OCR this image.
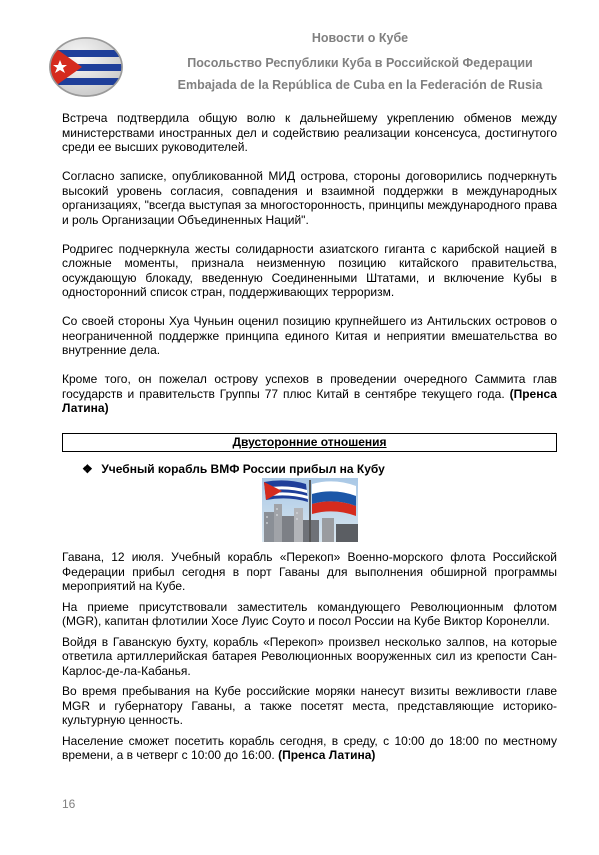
Новости о Кубе
Посольство Республики Куба в Российской Федерации
Embajada de la República de Cuba en la Federación de Rusia

Встреча подтвердила общую волю к дальнейшему укреплению обменов между министерствами иностранных дел и содействию реализации консенсуса, достигнутого среди ее высших руководителей.

Согласно записке, опубликованной МИД острова, стороны договорились подчеркнуть высокий уровень согласия, совпадения и взаимной поддержки в международных организациях, "всегда выступая за многосторонность, принципы международного права и роль Организации Объединенных Наций".

Родригес подчеркнула жесты солидарности азиатского гиганта с карибской нацией в сложные моменты, признала неизменную позицию китайского правительства, осуждающую блокаду, введенную Соединенными Штатами, и включение Кубы в односторонний список стран, поддерживающих терроризм.

Со своей стороны Хуа Чуньин оценил позицию крупнейшего из Антильских островов о неограниченной поддержке принципа единого Китая и неприятии вмешательства во внутренние дела.

Кроме того, он пожелал острову успехов в проведении очередного Саммита глав государств и правительств Группы 77 плюс Китай в сентябре текущего года. (Пренса Латина)

Двусторонние отношения
❖ Учебный корабль ВМФ России прибыл на Кубу

Гавана, 12 июля. Учебный корабль «Перекоп» Военно-морского флота Российской Федерации прибыл сегодня в порт Гаваны для выполнения обширной программы мероприятий на Кубе.

На приеме присутствовали заместитель командующего Революционным флотом (MGR), капитан флотилии Хосе Луис Соуто и посол России на Кубе Виктор Коронелли.

Войдя в Гаванскую бухту, корабль «Перекоп» произвел несколько залпов, на которые ответила артиллерийская батарея Революционных вооруженных сил из крепости Сан-Карлос-де-ла-Кабанья.

Во время пребывания на Кубе российские моряки нанесут визиты вежливости главе MGR и губернатору Гаваны, а также посетят места, представляющие историко-культурную ценность.

Население сможет посетить корабль сегодня, в среду, с 10:00 до 18:00 по местному времени, а в четверг с 10:00 до 16:00. (Пренса Латина)

16
